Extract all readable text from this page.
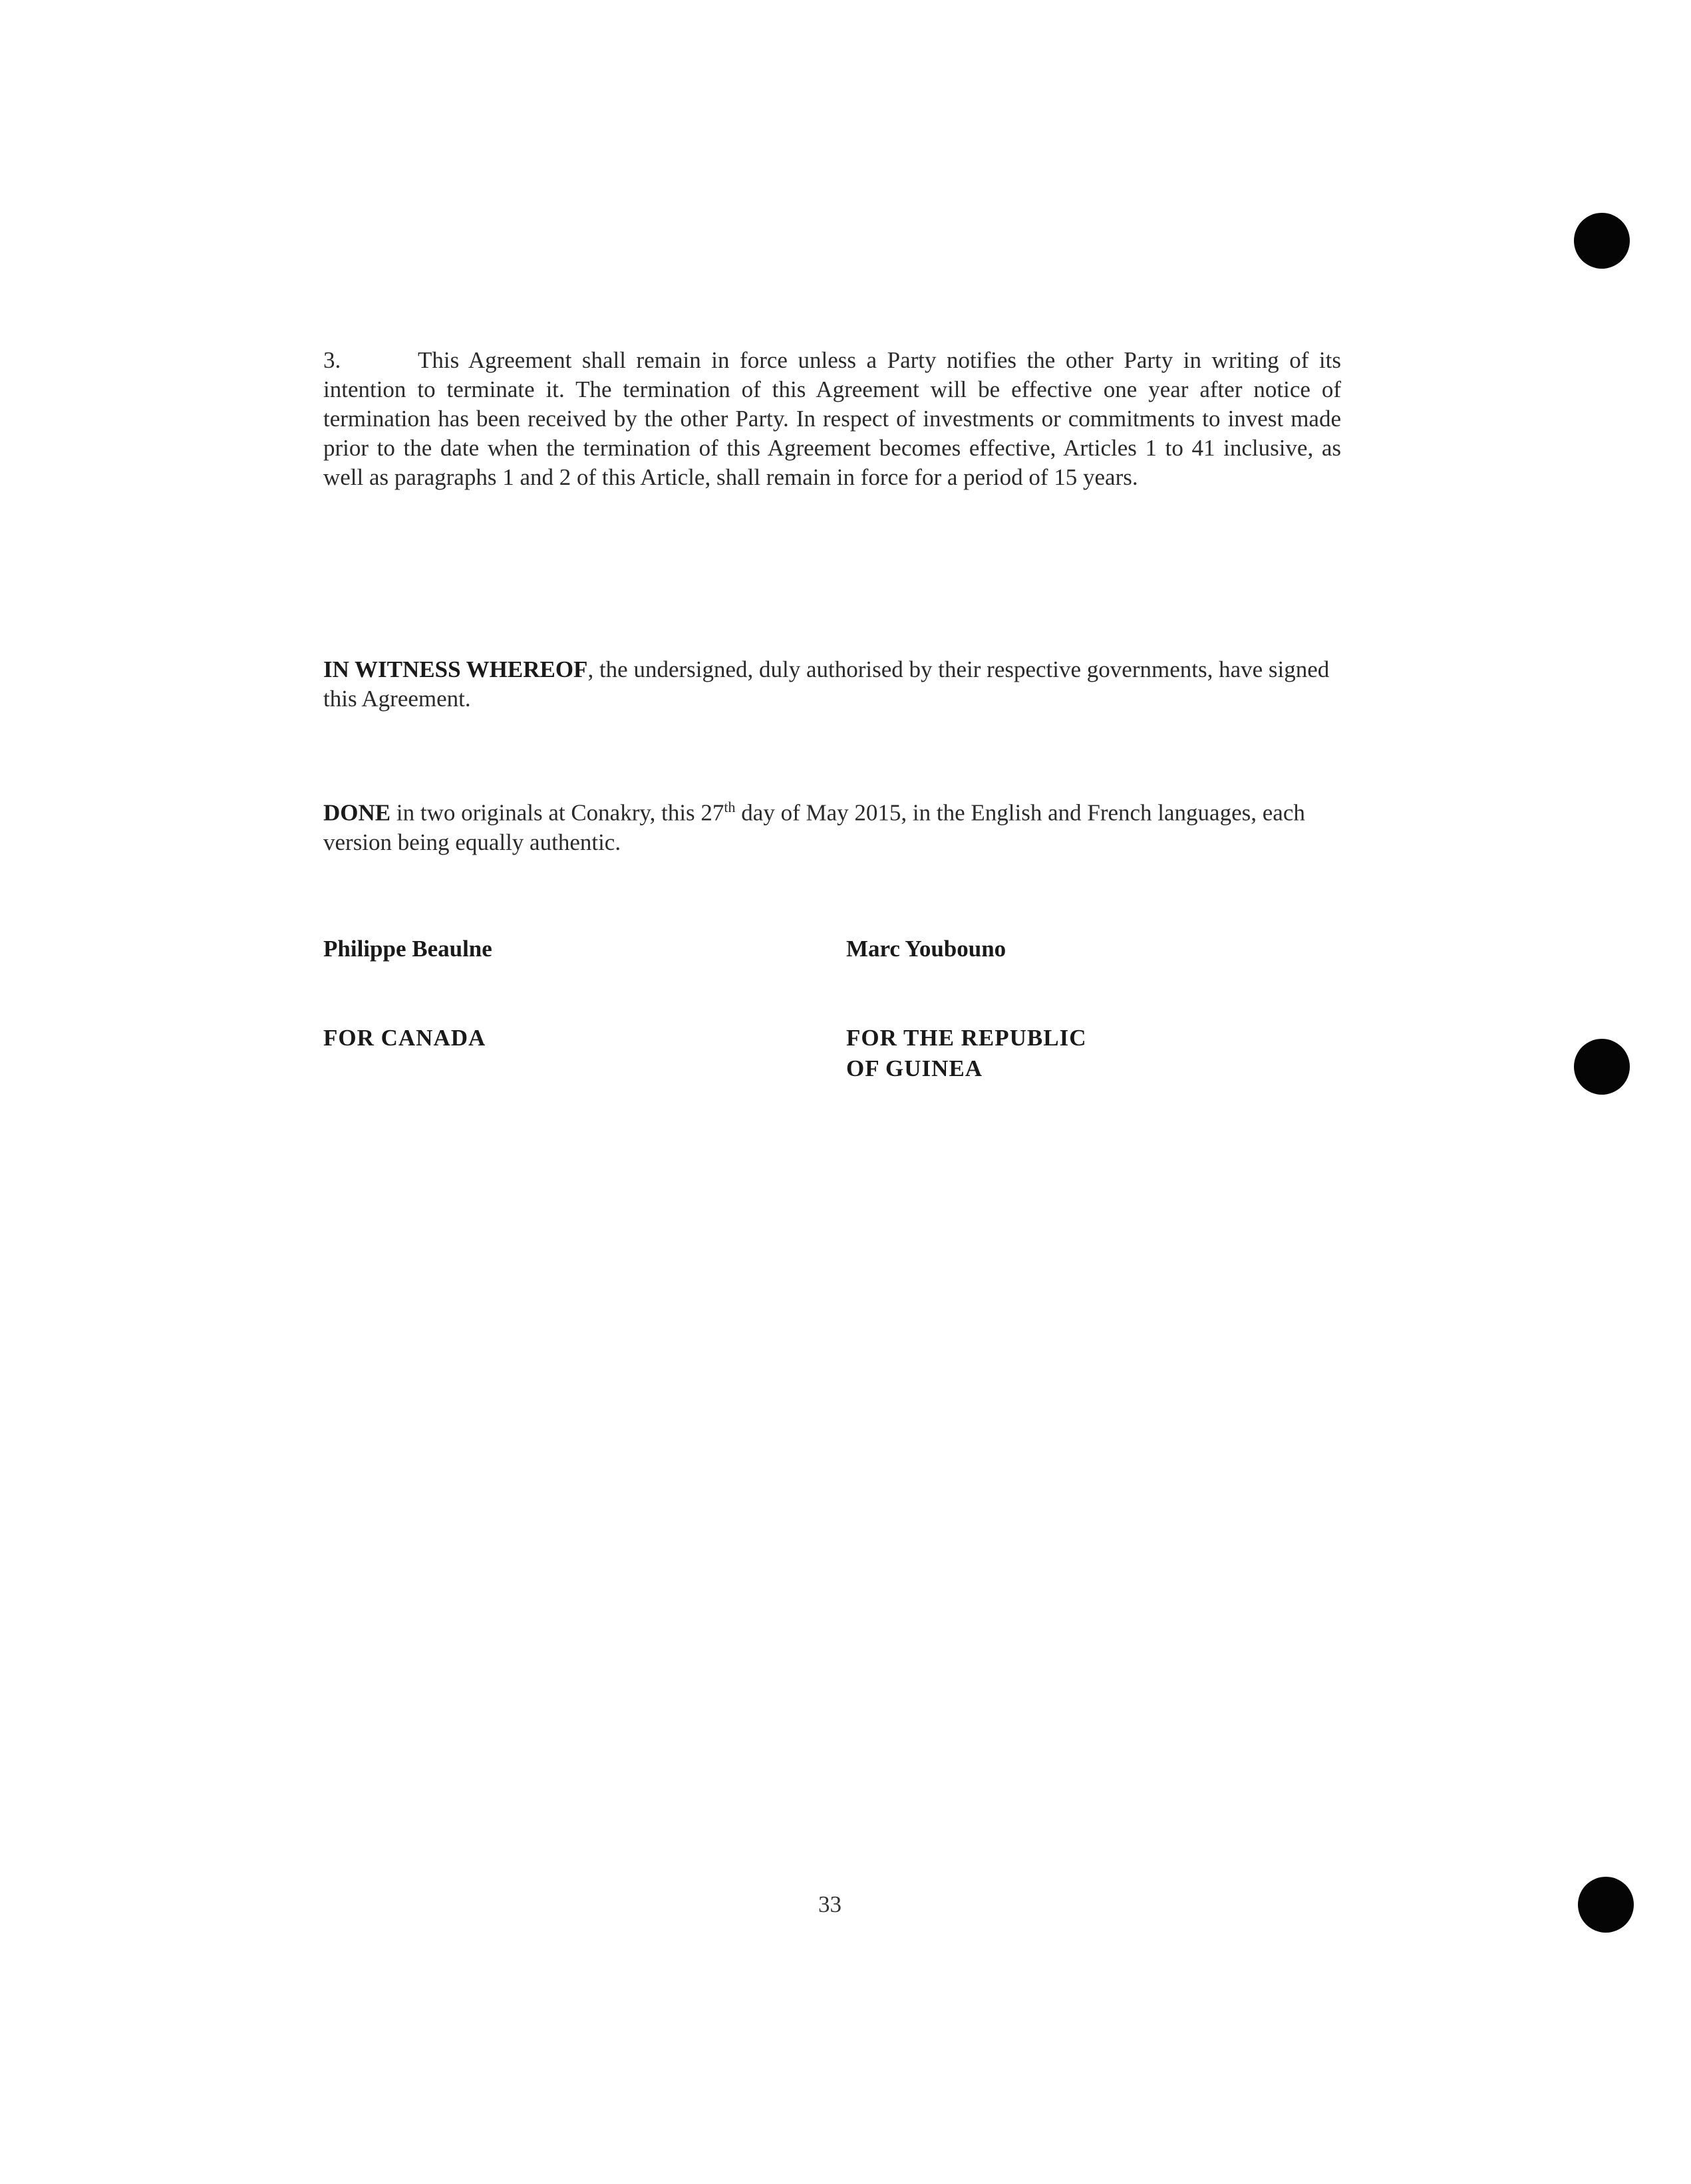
3.	This Agreement shall remain in force unless a Party notifies the other Party in writing of its intention to terminate it. The termination of this Agreement will be effective one year after notice of termination has been received by the other Party. In respect of investments or commitments to invest made prior to the date when the termination of this Agreement becomes effective, Articles 1 to 41 inclusive, as well as paragraphs 1 and 2 of this Article, shall remain in force for a period of 15 years.

IN WITNESS WHEREOF, the undersigned, duly authorised by their respective governments, have signed this Agreement.

DONE in two originals at Conakry, this 27th day of May 2015, in the English and French languages, each version being equally authentic.

Philippe Beaulne	Marc Youbouno

FOR CANADA	FOR THE REPUBLIC
OF GUINEA

33
